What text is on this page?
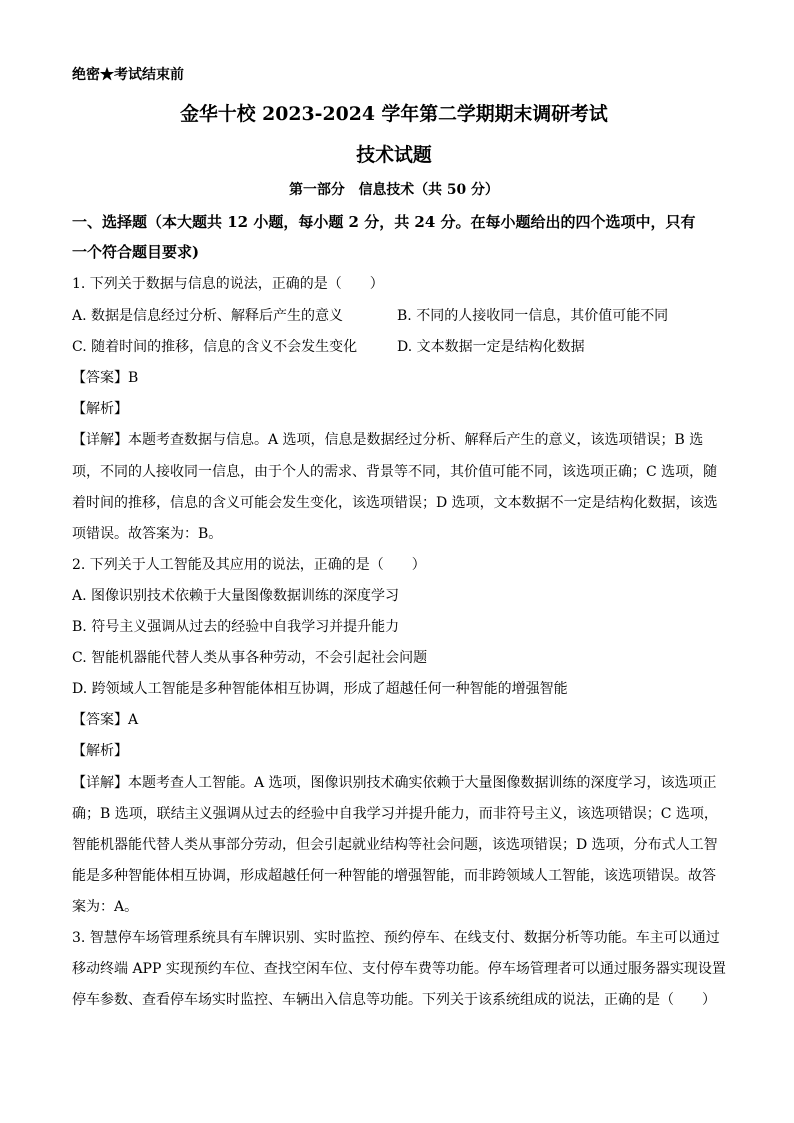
绝密★考试结束前
金华十校 2023-2024 学年第二学期期末调研考试
技术试题
第一部分　信息技术（共 50 分）
一、选择题（本大题共 12 小题，每小题 2 分，共 24 分。在每小题给出的四个选项中，只有
一个符合题目要求)
1. 下列关于数据与信息的说法，正确的是（　　）
A. 数据是信息经过分析、解释后产生的意义	B. 不同的人接收同一信息，其价值可能不同
C. 随着时间的推移，信息的含义不会发生变化	D. 文本数据一定是结构化数据
【答案】B
【解析】
【详解】本题考查数据与信息。A 选项，信息是数据经过分析、解释后产生的意义，该选项错误；B 选
项，不同的人接收同一信息，由于个人的需求、背景等不同，其价值可能不同，该选项正确；C 选项，随
着时间的推移，信息的含义可能会发生变化，该选项错误；D 选项，文本数据不一定是结构化数据，该选
项错误。故答案为：B。
2. 下列关于人工智能及其应用的说法，正确的是（　　）
A. 图像识别技术依赖于大量图像数据训练的深度学习
B. 符号主义强调从过去的经验中自我学习并提升能力
C. 智能机器能代替人类从事各种劳动，不会引起社会问题
D. 跨领域人工智能是多种智能体相互协调，形成了超越任何一种智能的增强智能
【答案】A
【解析】
【详解】本题考查人工智能。A 选项，图像识别技术确实依赖于大量图像数据训练的深度学习，该选项正
确；B 选项，联结主义强调从过去的经验中自我学习并提升能力，而非符号主义，该选项错误；C 选项，
智能机器能代替人类从事部分劳动，但会引起就业结构等社会问题，该选项错误；D 选项，分布式人工智
能是多种智能体相互协调，形成超越任何一种智能的增强智能，而非跨领域人工智能，该选项错误。故答
案为：A。
3. 智慧停车场管理系统具有车牌识别、实时监控、预约停车、在线支付、数据分析等功能。车主可以通过
移动终端 APP 实现预约车位、查找空闲车位、支付停车费等功能。停车场管理者可以通过服务器实现设置
停车参数、查看停车场实时监控、车辆出入信息等功能。下列关于该系统组成的说法，正确的是（　　）
